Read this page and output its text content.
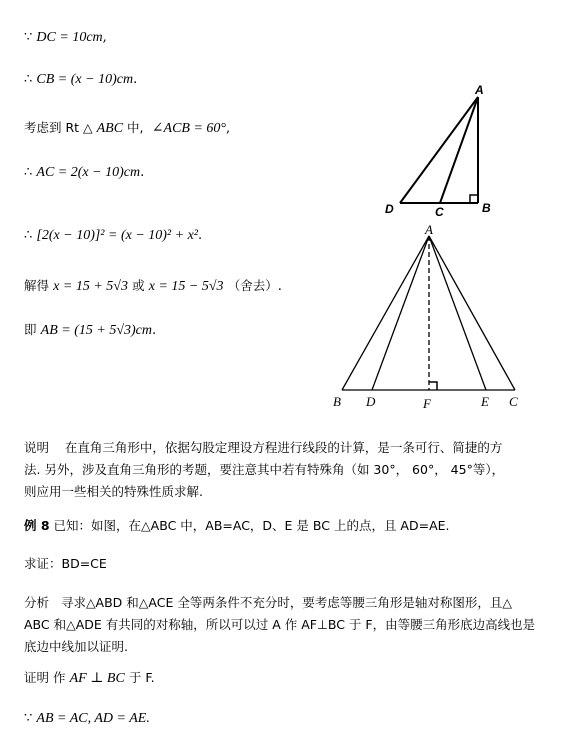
∵ DC = 10cm,
∴ CB = (x − 10)cm.
考虑到 Rt △ ABC 中, ∠ACB = 60°,
∴ AC = 2(x − 10)cm.
∴ [2(x − 10)]² = (x − 10)² + x².
解得 x = 15 + 5√3 或 x = 15 − 5√3 （舍去）.
即 AB = (15 + 5√3)cm.
A
D	C	B
A
B D	F	E C
说明 在直角三角形中，依据勾股定理设方程进行线段的计算，是一条可行、简捷的方
法. 另外，涉及直角三角形的考题，要注意其中若有特殊角（如 30°， 60°， 45°等），
则应用一些相关的特殊性质求解.
例 8 已知：如图，在△ABC 中，AB=AC，D、E 是 BC 上的点，且 AD=AE.
求证：BD=CE
分析 寻求△ABD 和△ACE 全等两条件不充分时，要考虑等腰三角形是轴对称图形，且△
ABC 和△ADE 有共同的对称轴，所以可以过 A 作 AF⊥BC 于 F，由等腰三角形底边高线也是
底边中线加以证明.
证明 作 AF ⊥ BC 于 F.
∵ AB = AC, AD = AE.
